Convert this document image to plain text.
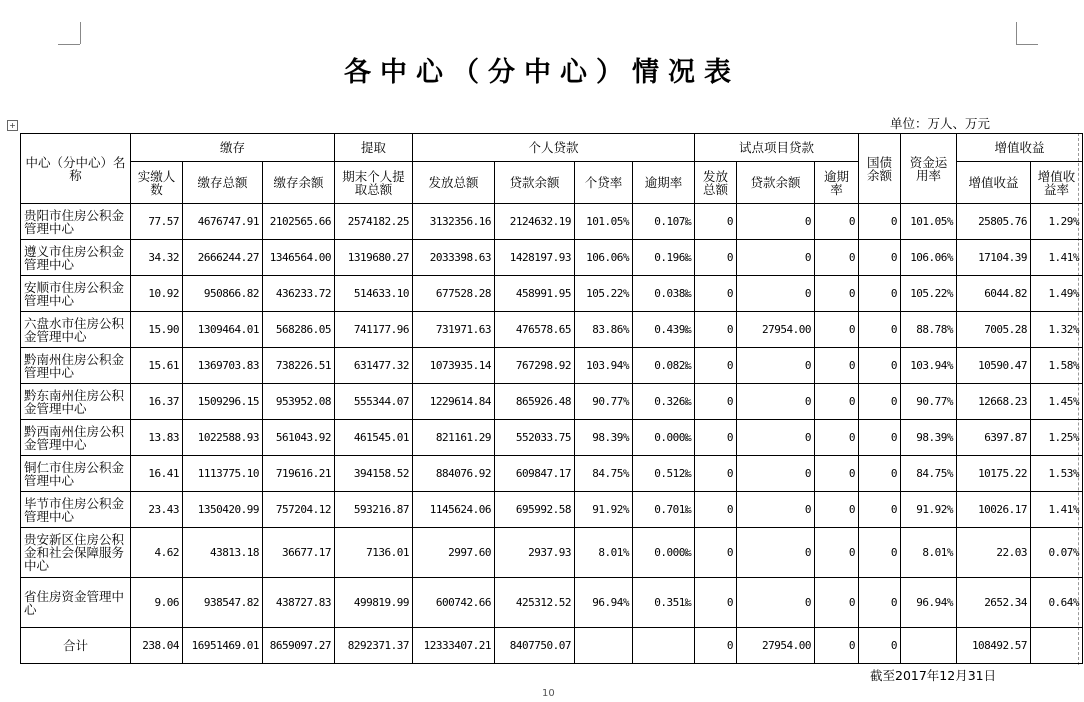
各中心（分中心）情况表
单位：万人、万元
+
中心（分中心）名称	缴存			提取	个人贷款				试点项目贷款			国债余额	资金运用率	增值收益	
	实缴人数	缴存总额	缴存余额	期末个人提取总额	发放总额	贷款余额	个贷率	逾期率	发放总额	贷款余额	逾期率			增值收益	增值收益率
贵阳市住房公积金管理中心	77.57	4676747.91	2102565.66	2574182.25	3132356.16	2124632.19	101.05%	0.107‰	0	0	0	0	101.05%	25805.76	1.29%
遵义市住房公积金管理中心	34.32	2666244.27	1346564.00	1319680.27	2033398.63	1428197.93	106.06%	0.196‰	0	0	0	0	106.06%	17104.39	1.41%
安顺市住房公积金管理中心	10.92	950866.82	436233.72	514633.10	677528.28	458991.95	105.22%	0.038‰	0	0	0	0	105.22%	6044.82	1.49%
六盘水市住房公积金管理中心	15.90	1309464.01	568286.05	741177.96	731971.63	476578.65	83.86%	0.439‰	0	27954.00	0	0	88.78%	7005.28	1.32%
黔南州住房公积金管理中心	15.61	1369703.83	738226.51	631477.32	1073935.14	767298.92	103.94%	0.082‰	0	0	0	0	103.94%	10590.47	1.58%
黔东南州住房公积金管理中心	16.37	1509296.15	953952.08	555344.07	1229614.84	865926.48	90.77%	0.326‰	0	0	0	0	90.77%	12668.23	1.45%
黔西南州住房公积金管理中心	13.83	1022588.93	561043.92	461545.01	821161.29	552033.75	98.39%	0.000‰	0	0	0	0	98.39%	6397.87	1.25%
铜仁市住房公积金管理中心	16.41	1113775.10	719616.21	394158.52	884076.92	609847.17	84.75%	0.512‰	0	0	0	0	84.75%	10175.22	1.53%
毕节市住房公积金管理中心	23.43	1350420.99	757204.12	593216.87	1145624.06	695992.58	91.92%	0.701‰	0	0	0	0	91.92%	10026.17	1.41%
贵安新区住房公积金和社会保障服务中心	4.62	43813.18	36677.17	7136.01	2997.60	2937.93	8.01%	0.000‰	0	0	0	0	8.01%	22.03	0.07%
省住房资金管理中心	9.06	938547.82	438727.83	499819.99	600742.66	425312.52	96.94%	0.351‰	0	0	0	0	96.94%	2652.34	0.64%
合计	238.04	16951469.01	8659097.27	8292371.37	12333407.21	8407750.07			0	27954.00	0	0		108492.57	
截至2017年12月31日
10
